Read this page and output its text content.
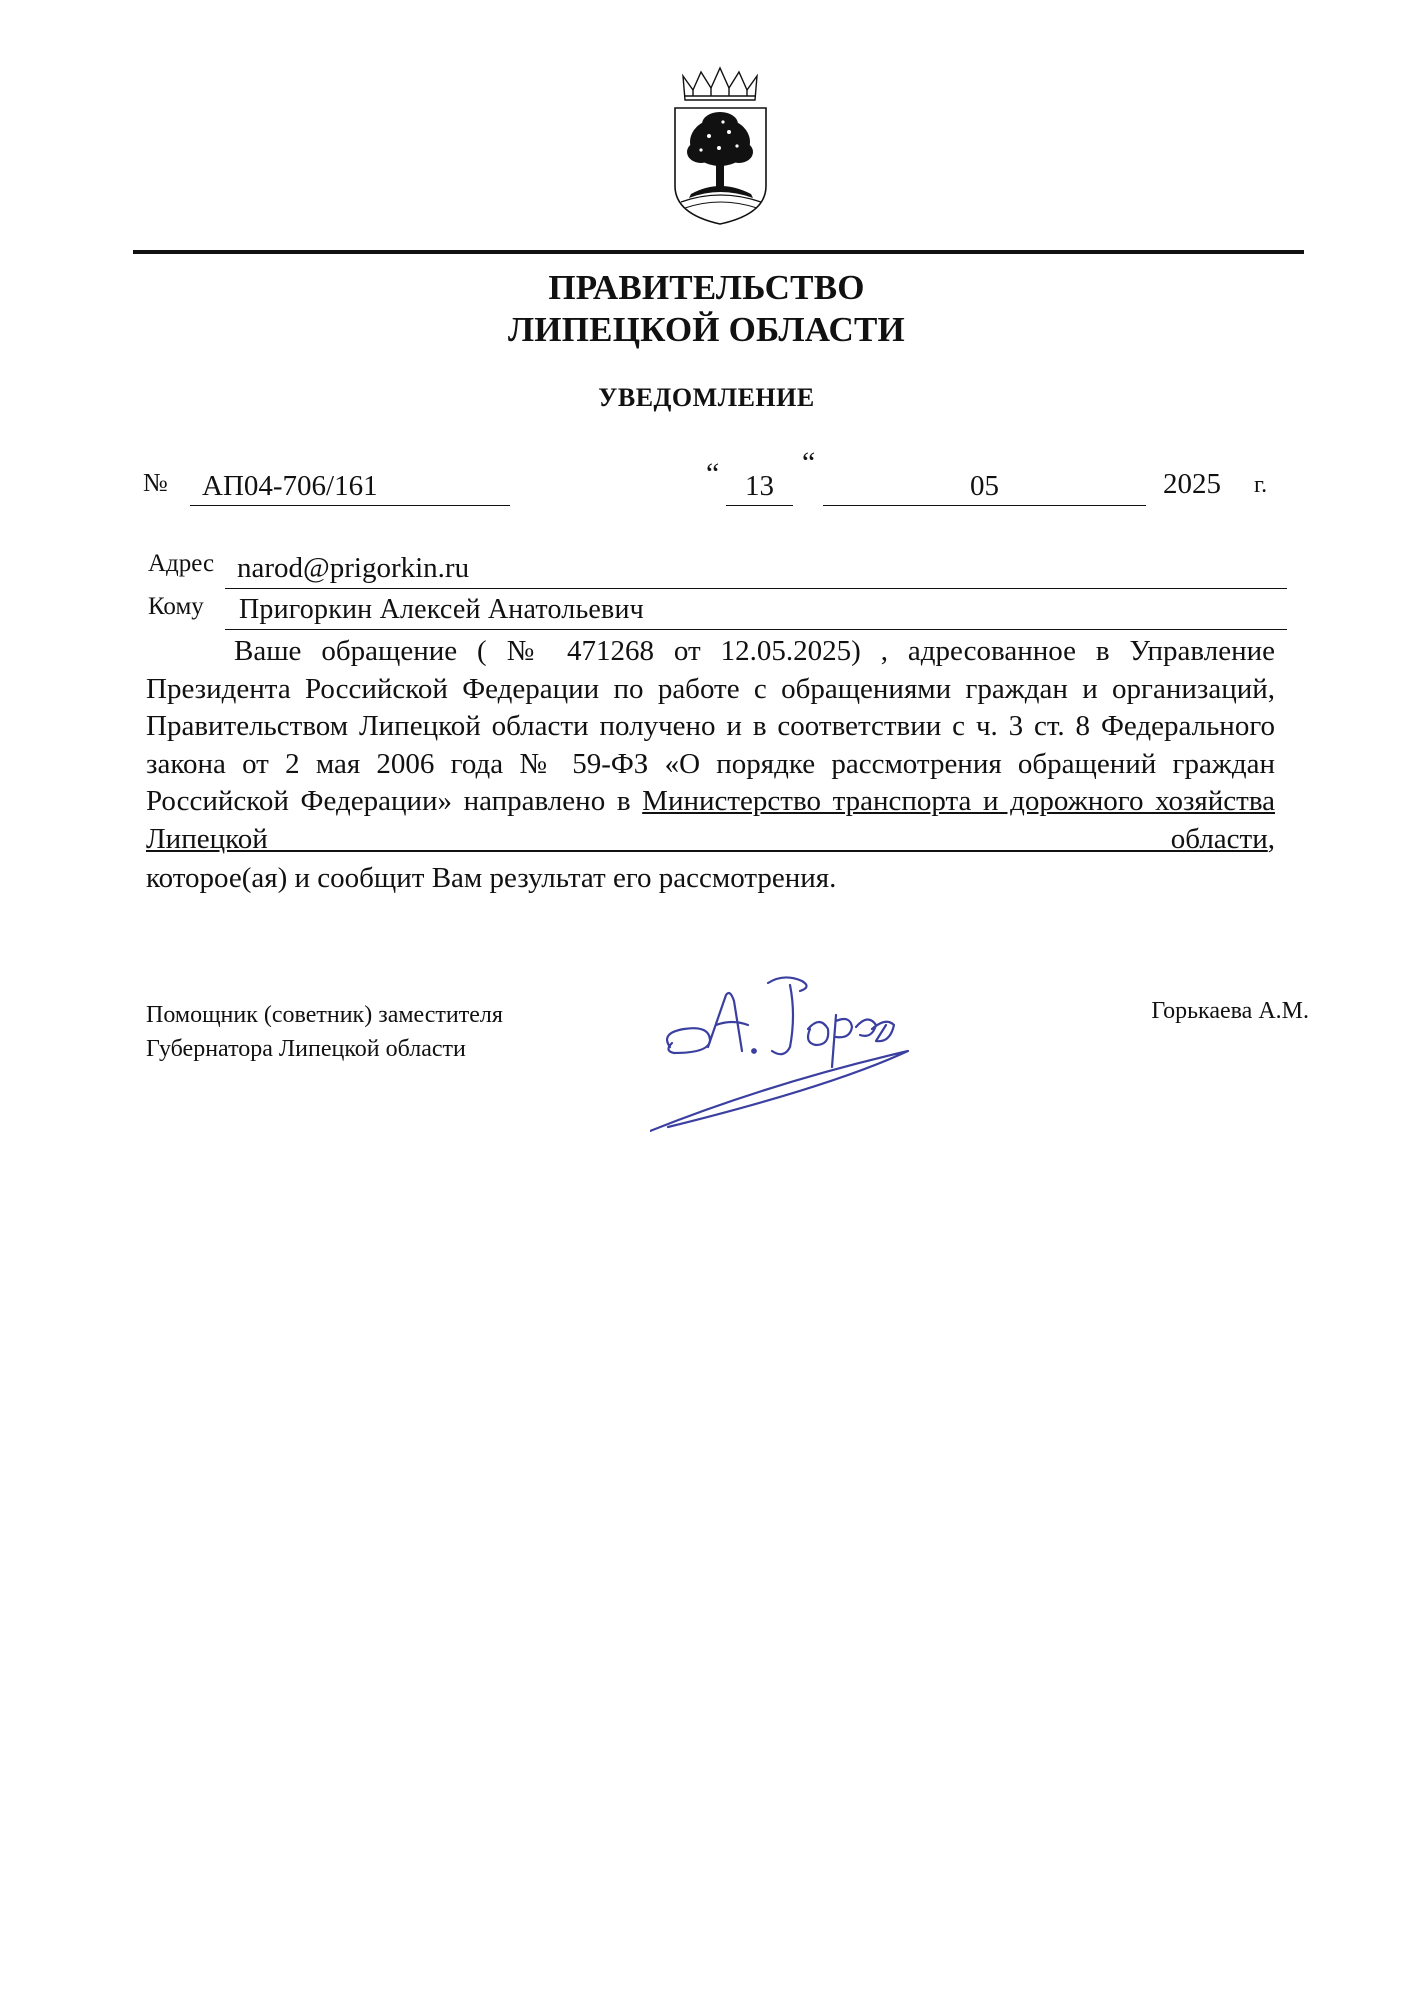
ПРАВИТЕЛЬСТВО
ЛИПЕЦКОЙ ОБЛАСТИ
УВЕДОМЛЕНИЕ
№ АП04-706/161	“ 13
“
05	2025 г.
Адрес narod@prigorkin.ru
Кому Пригоркин Алексей Анатольевич
Ваше обращение ( № 471268 от 12.05.2025) , адресованное в Управление Президента Российской Федерации по работе с обращениями граждан и организаций, Правительством Липецкой области получено и в соответствии с ч. 3 ст. 8 Федерального закона от 2 мая 2006 года № 59-ФЗ «О порядке рассмотрения обращений граждан Российской Федерации» направлено в Министерство транспорта и дорожного хозяйства Липецкой области,
которое(ая) и сообщит Вам результат его рассмотрения.
Помощник (советник) заместителя
Губернатора Липецкой области
Горькаева А.М.
